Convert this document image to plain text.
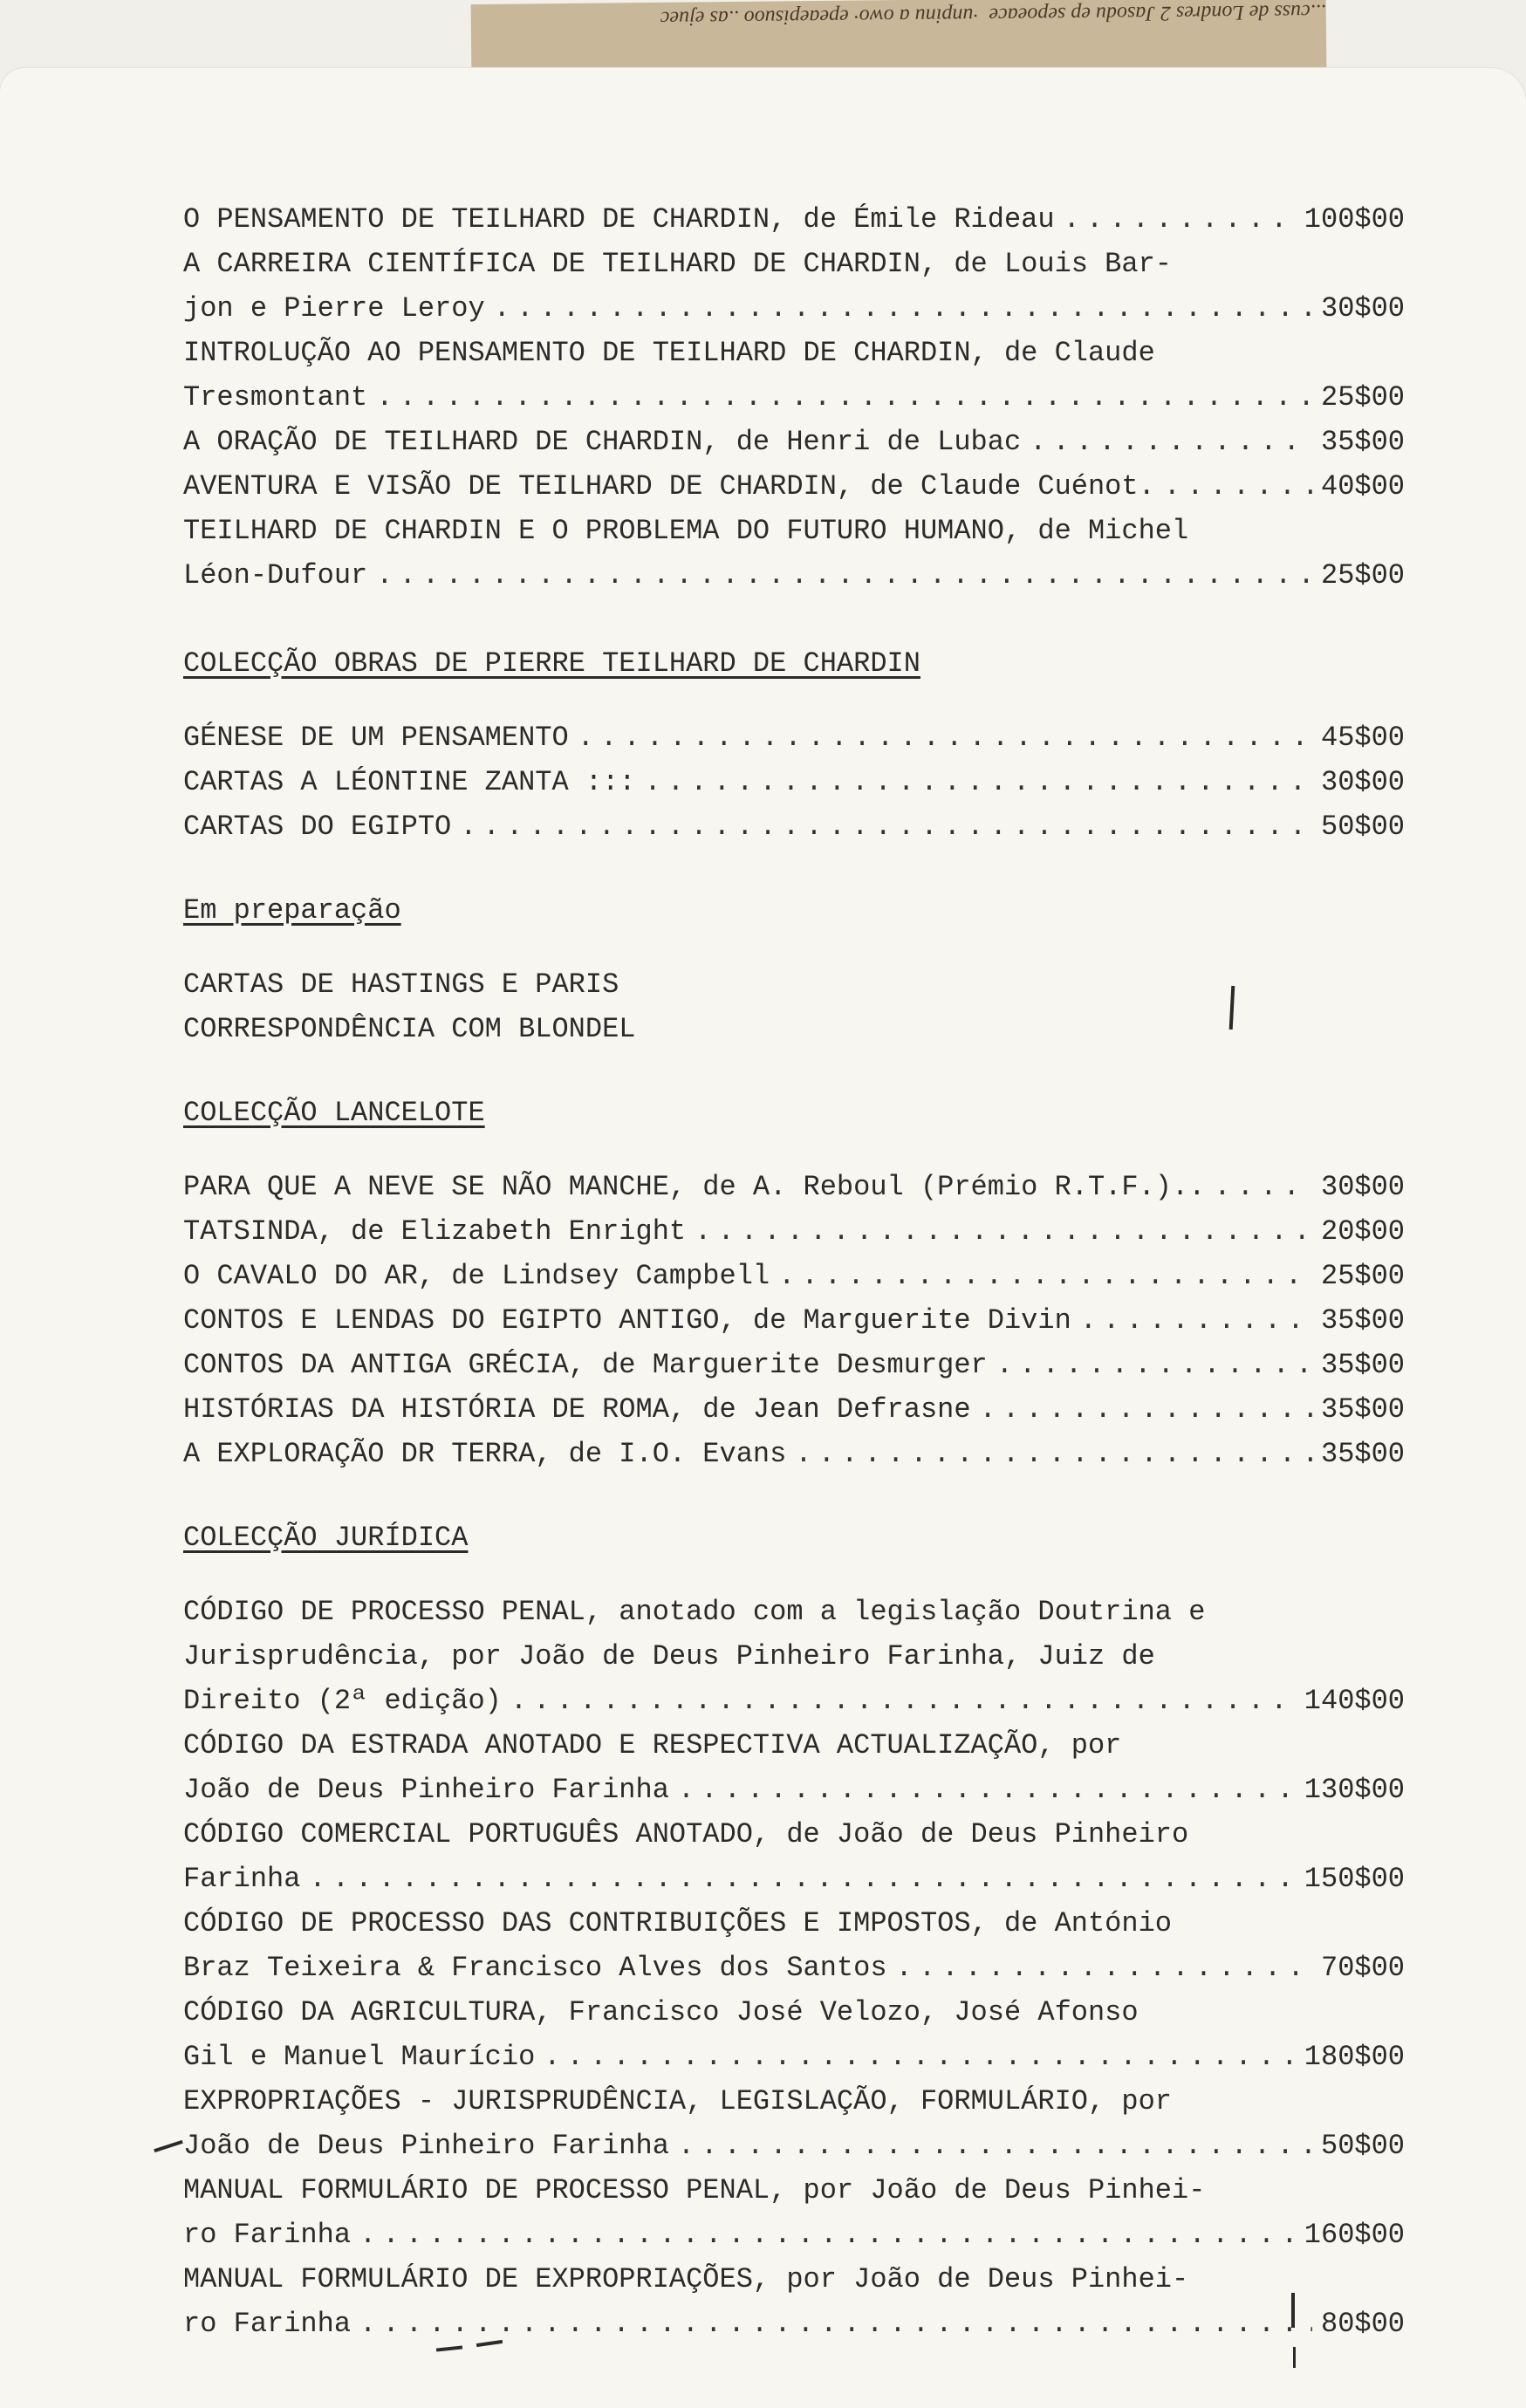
...cuss de Londres 2 Jasodu ep sepoeace  ·unpinu a owo· epeaepisuoo ..as ejuec
O PENSAMENTO DE TEILHARD DE CHARDIN, de Émile Rideau . . .	100$00
A CARREIRA CIENTÍFICA DE TEILHARD DE CHARDIN, de Louis Bar-
jon e Pierre Leroy . . .	30$00
INTROLUÇÃO AO PENSAMENTO DE TEILHARD DE CHARDIN, de Claude
Tresmontant . . .	25$00
A ORAÇÃO DE TEILHARD DE CHARDIN, de Henri de Lubac . . .	35$00
AVENTURA E VISÃO DE TEILHARD DE CHARDIN, de Claude Cuénot. . . .	40$00
TEILHARD DE CHARDIN E O PROBLEMA DO FUTURO HUMANO, de Michel
Léon-Dufour . . .	25$00
COLECÇÃO OBRAS DE PIERRE TEILHARD DE CHARDIN
GÉNESE DE UM PENSAMENTO . . .	45$00
CARTAS A LÉONTINE ZANTA ::: . . .	30$00
CARTAS DO EGIPTO . . .	50$00
Em preparação
CARTAS DE HASTINGS E PARIS
CORRESPONDÊNCIA COM BLONDEL
COLECÇÃO LANCELOTE
PARA QUE A NEVE SE NÃO MANCHE, de A. Reboul (Prémio R.T.F.).. . . .	30$00
TATSINDA, de Elizabeth Enright . . .	20$00
O CAVALO DO AR, de Lindsey Campbell . . .	25$00
CONTOS E LENDAS DO EGIPTO ANTIGO, de Marguerite Divin . . .	35$00
CONTOS DA ANTIGA GRÉCIA, de Marguerite Desmurger . . .	35$00
HISTÓRIAS DA HISTÓRIA DE ROMA, de Jean Defrasne . . .	35$00
A EXPLORAÇÃO DR TERRA, de I.O. Evans . . .	35$00
COLECÇÃO JURÍDICA
CÓDIGO DE PROCESSO PENAL, anotado com a legislação Doutrina e
Jurisprudência, por João de Deus Pinheiro Farinha, Juiz de
Direito (2ª edição) . . .	140$00
CÓDIGO DA ESTRADA ANOTADO E RESPECTIVA ACTUALIZAÇÃO, por
João de Deus Pinheiro Farinha . . .	130$00
CÓDIGO COMERCIAL PORTUGUÊS ANOTADO, de João de Deus Pinheiro
Farinha . . .	150$00
CÓDIGO DE PROCESSO DAS CONTRIBUIÇÕES E IMPOSTOS, de António
Braz Teixeira & Francisco Alves dos Santos . . .	70$00
CÓDIGO DA AGRICULTURA, Francisco José Velozo, José Afonso
Gil e Manuel Maurício . . .	180$00
EXPROPRIAÇÕES - JURISPRUDÊNCIA, LEGISLAÇÃO, FORMULÁRIO, por
João de Deus Pinheiro Farinha . . .	50$00
MANUAL FORMULÁRIO DE PROCESSO PENAL, por João de Deus Pinhei-
ro Farinha . . .	160$00
MANUAL FORMULÁRIO DE EXPROPRIAÇÕES, por João de Deus Pinhei-
ro Farinha . . .	80$00
